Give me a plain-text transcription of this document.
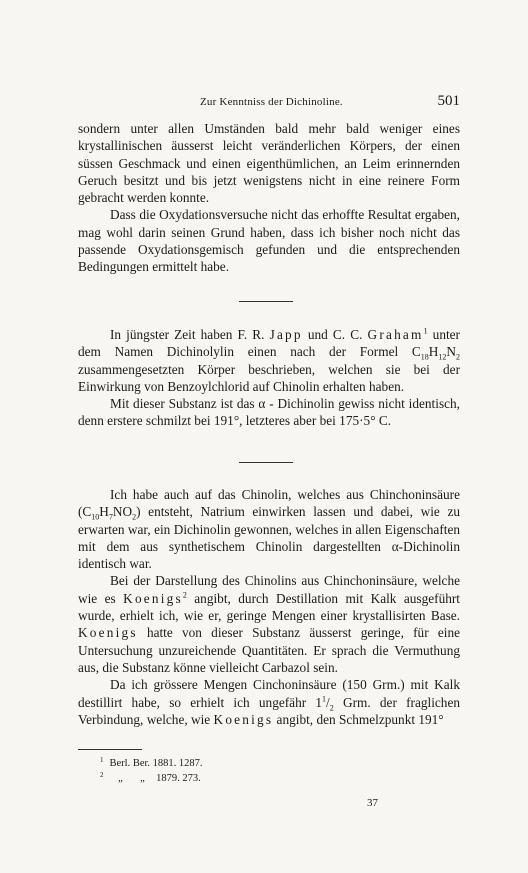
Zur Kenntniss der Dichinoline.	501

sondern unter allen Umständen bald mehr bald weniger eines krystallinischen äusserst leicht veränderlichen Körpers, der einen süssen Geschmack und einen eigenthümlichen, an Leim erinnernden Geruch besitzt und bis jetzt wenigstens nicht in eine reinere Form gebracht werden konnte.

Dass die Oxydationsversuche nicht das erhoffte Resultat ergaben, mag wohl darin seinen Grund haben, dass ich bisher noch nicht das passende Oxydationsgemisch gefunden und die entsprechenden Bedingungen ermittelt habe.

In jüngster Zeit haben F. R. Japp und C. C. Graham$^1$ unter dem Namen Dichinolylin einen nach der Formel $C_{18}H_{12}N_2$ zusammengesetzten Körper beschrieben, welchen sie bei der Einwirkung von Benzoylchlorid auf Chinolin erhalten haben.

Mit dieser Substanz ist das α - Dichinolin gewiss nicht identisch, denn erstere schmilzt bei 191°, letzteres aber bei 175·5° C.

Ich habe auch auf das Chinolin, welches aus Chinchoninsäure $(C_{10}H_7NO_2)$ entsteht, Natrium einwirken lassen und dabei, wie zu erwarten war, ein Dichinolin gewonnen, welches in allen Eigenschaften mit dem aus synthetischem Chinolin dargestellten α-Dichinolin identisch war.

Bei der Darstellung des Chinolins aus Chinchoninsäure, welche wie es Koenigs$^2$ angibt, durch Destillation mit Kalk ausgeführt wurde, erhielt ich, wie er, geringe Mengen einer krystallisirten Base. Koenigs hatte von dieser Substanz äusserst geringe, für eine Untersuchung unzureichende Quantitäten. Er sprach die Vermuthung aus, die Substanz könne vielleicht Carbazol sein.

Da ich grössere Mengen Cinchoninsäure (150 Grm.) mit Kalk destillirt habe, so erhielt ich ungefähr $1^1/_2$ Grm. der fraglichen Verbindung, welche, wie Koenigs angibt, den Schmelzpunkt 191°

$^1$ Berl. Ber. 1881. 1287.
$^2$ „ „ 1879. 273.
37
